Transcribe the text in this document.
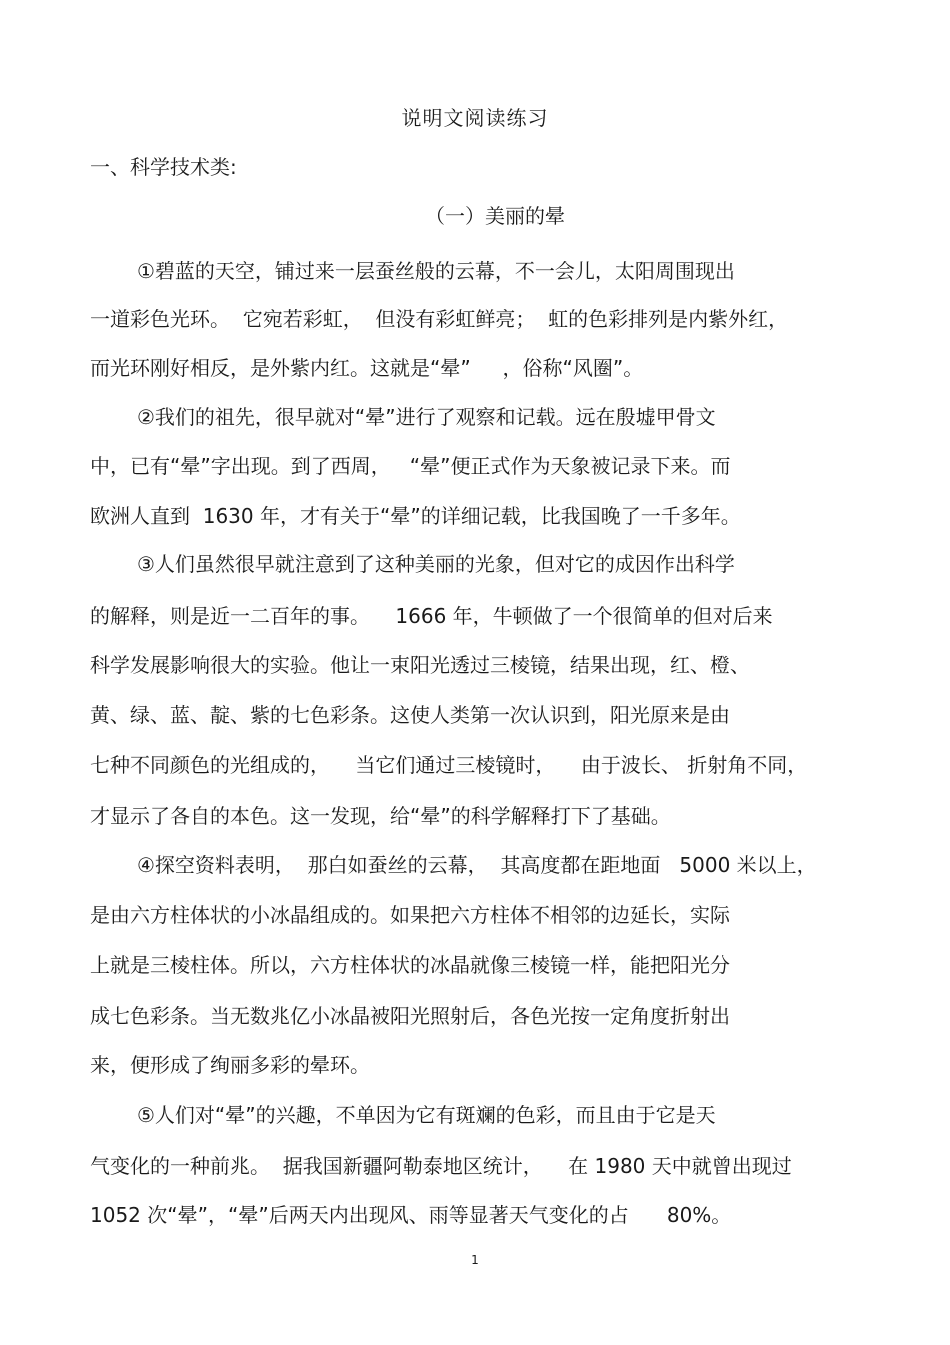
说明文阅读练习
一、科学技术类:
（一）美丽的晕
①碧蓝的天空，铺过来一层蚕丝般的云幕，不一会儿，太阳周围现出
一道彩色光环。  它宛若彩虹，  但没有彩虹鲜亮；  虹的色彩排列是内紫外红，
而光环刚好相反，是外紫内红。这就是“晕”     ，俗称“风圈”。
②我们的祖先，很早就对“晕”进行了观察和记载。远在殷墟甲骨文
中，已有“晕”字出现。到了西周，   “晕”便正式作为天象被记录下来。而
欧洲人直到  1630 年，才有关于“晕”的详细记载，比我国晚了一千多年。
③人们虽然很早就注意到了这种美丽的光象，但对它的成因作出科学
的解释，则是近一二百年的事。    1666 年，牛顿做了一个很简单的但对后来
科学发展影响很大的实验。他让一束阳光透过三棱镜，结果出现，红、橙、
黄、绿、蓝、靛、紫的七色彩条。这使人类第一次认识到，阳光原来是由
七种不同颜色的光组成的，    当它们通过三棱镜时，    由于波长、 折射角不同，
才显示了各自的本色。这一发现，给“晕”的科学解释打下了基础。
④探空资料表明，  那白如蚕丝的云幕，  其高度都在距地面   5000 米以上，
是由六方柱体状的小冰晶组成的。如果把六方柱体不相邻的边延长，实际
上就是三棱柱体。所以，六方柱体状的冰晶就像三棱镜一样，能把阳光分
成七色彩条。当无数兆亿小冰晶被阳光照射后，各色光按一定角度折射出
来，便形成了绚丽多彩的晕环。
⑤人们对“晕”的兴趣，不单因为它有斑斓的色彩，而且由于它是天
气变化的一种前兆。  据我国新疆阿勒泰地区统计，    在 1980 天中就曾出现过
1052 次“晕”，“晕”后两天内出现风、雨等显著天气变化的占      80%。
1
